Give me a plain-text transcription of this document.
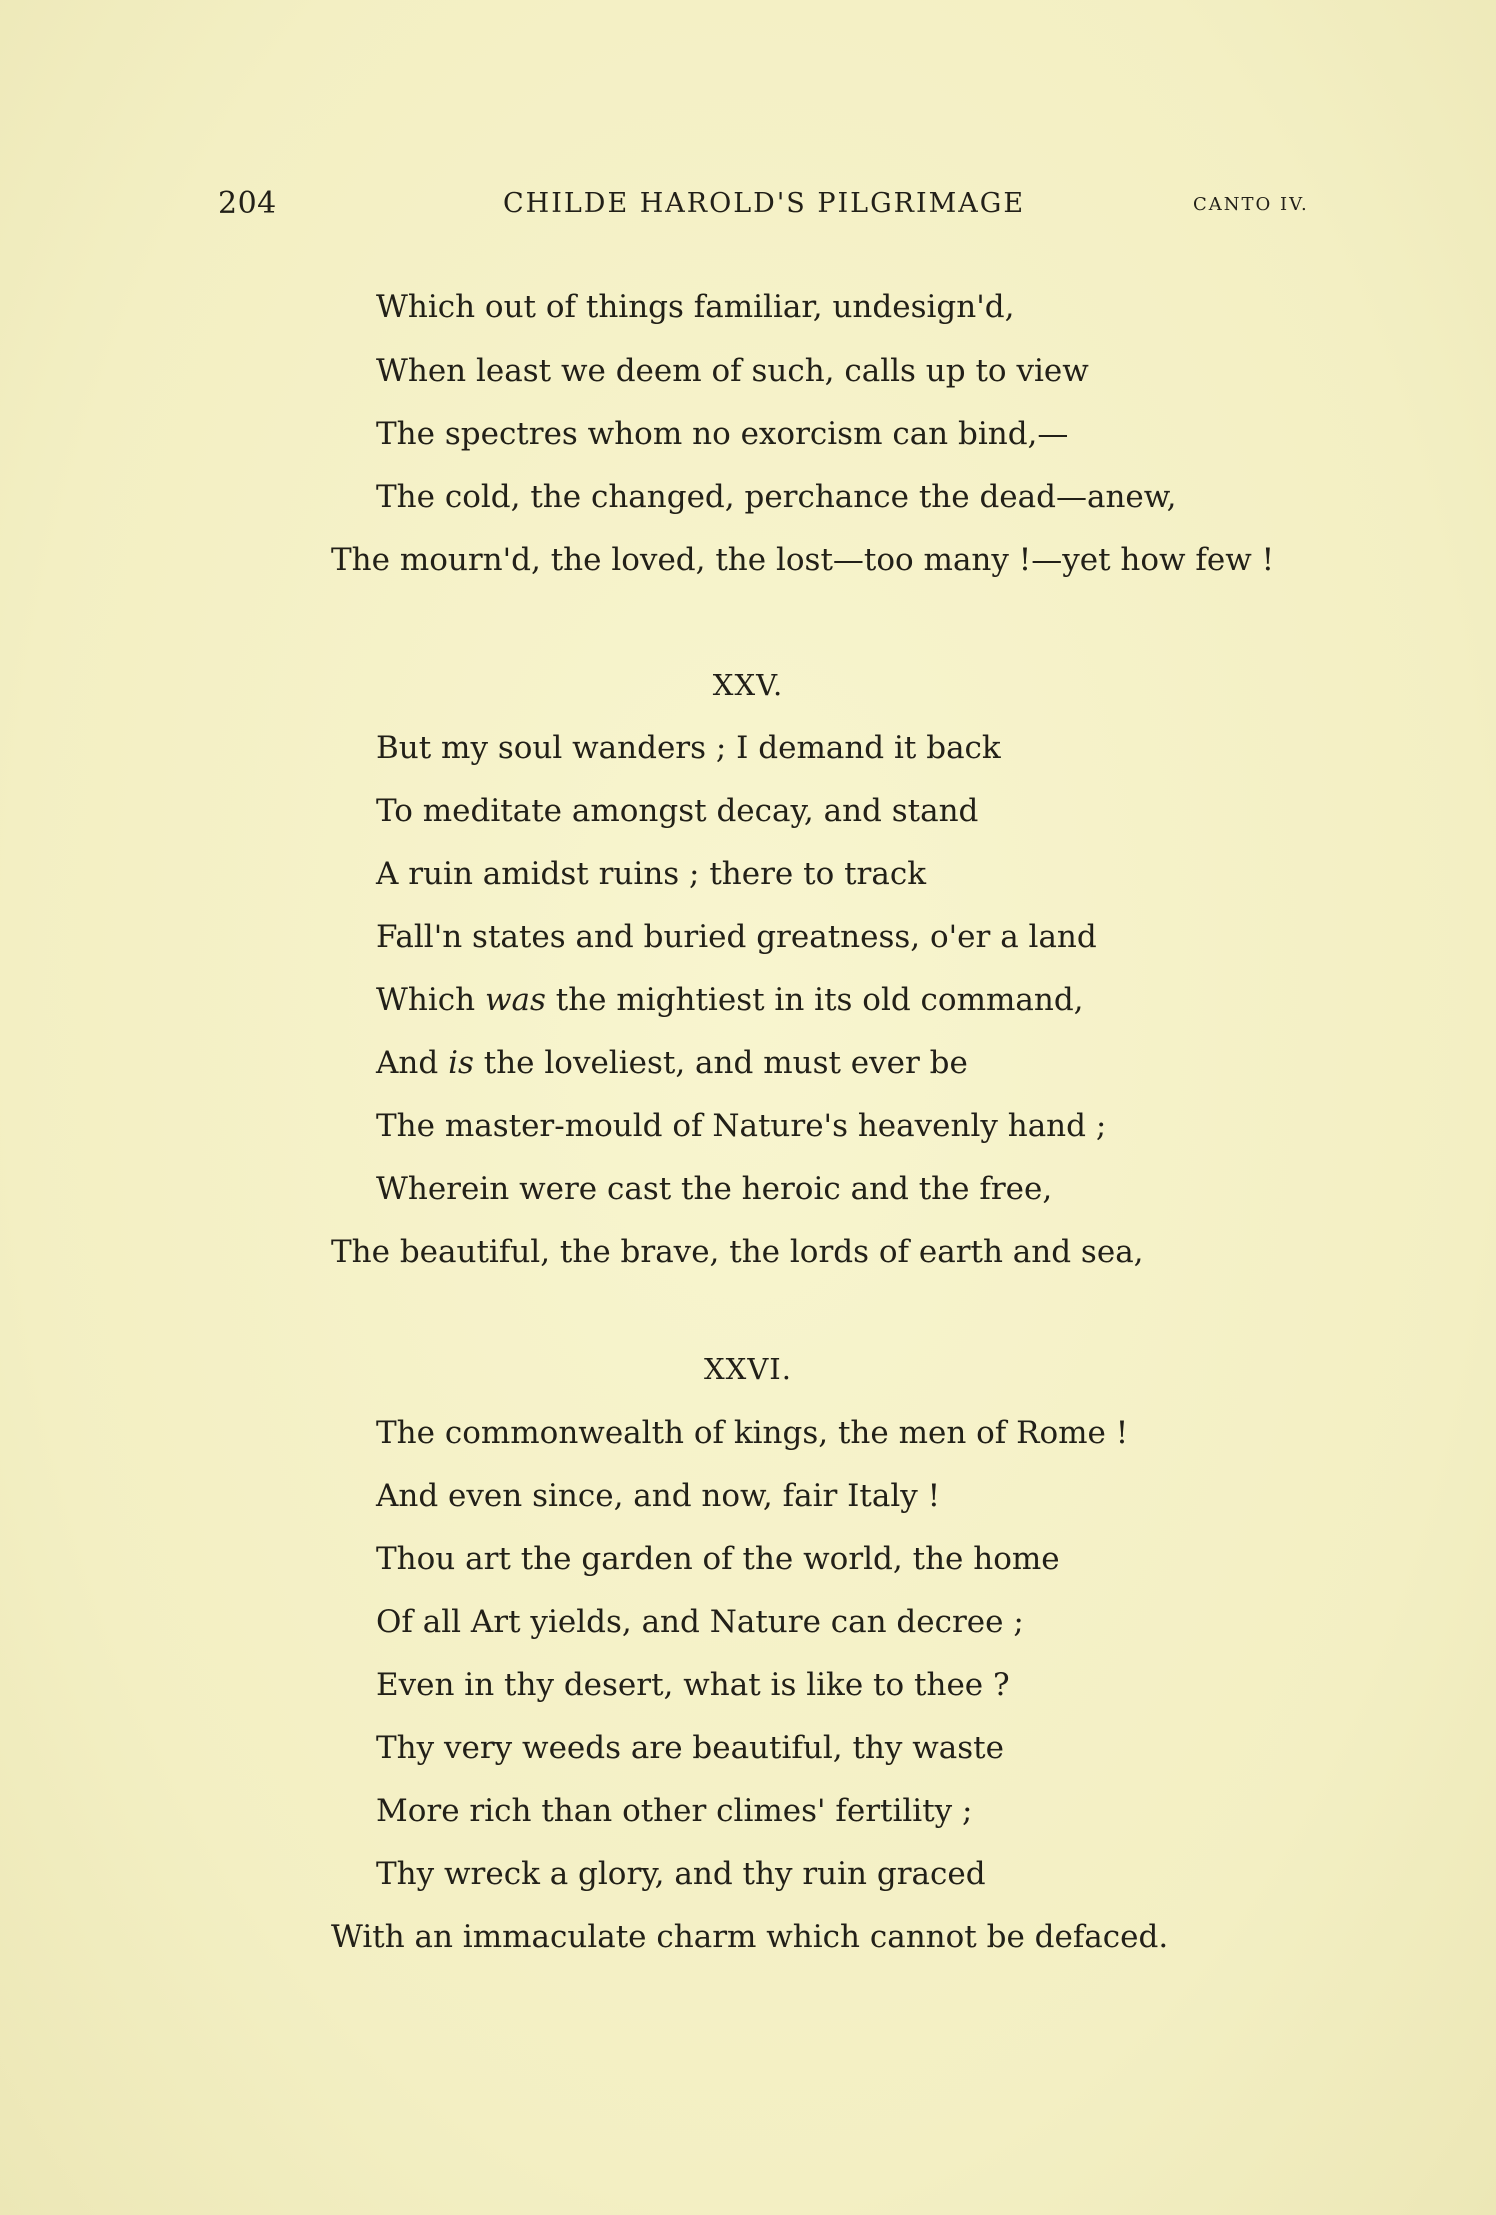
204	CHILDE HAROLD'S PILGRIMAGE	CANTO IV.
Which out of things familiar, undesign'd,
When least we deem of such, calls up to view
The spectres whom no exorcism can bind,—
The cold, the changed, perchance the dead—anew,
The mourn'd, the loved, the lost—too many !—yet how few !
XXV.
But my soul wanders ; I demand it back
To meditate amongst decay, and stand
A ruin amidst ruins ; there to track
Fall'n states and buried greatness, o'er a land
Which was the mightiest in its old command,
And is the loveliest, and must ever be
The master-mould of Nature's heavenly hand ;
Wherein were cast the heroic and the free,
The beautiful, the brave, the lords of earth and sea,
XXVI.
The commonwealth of kings, the men of Rome !
And even since, and now, fair Italy !
Thou art the garden of the world, the home
Of all Art yields, and Nature can decree ;
Even in thy desert, what is like to thee ?
Thy very weeds are beautiful, thy waste
More rich than other climes' fertility ;
Thy wreck a glory, and thy ruin graced
With an immaculate charm which cannot be defaced.
